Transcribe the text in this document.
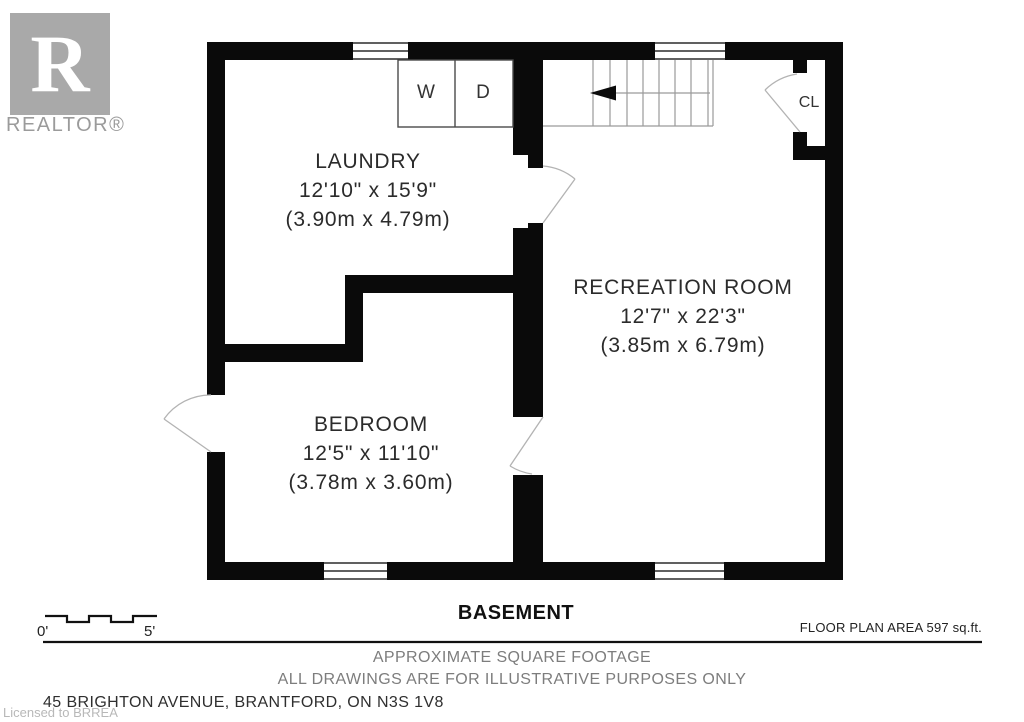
R
REALTOR®
LAUNDRY
12'10" x 15'9"
(3.90m x 4.79m)
RECREATION ROOM
12'7" x 22'3"
(3.85m x 6.79m)
BEDROOM
12'5" x 11'10"
(3.78m x 3.60m)
W	D	CL
0'	5'
BASEMENT
FLOOR PLAN AREA 597 sq.ft.
APPROXIMATE SQUARE FOOTAGE
ALL DRAWINGS ARE FOR ILLUSTRATIVE PURPOSES ONLY
Licensed to BRREA
45 BRIGHTON AVENUE, BRANTFORD, ON N3S 1V8
